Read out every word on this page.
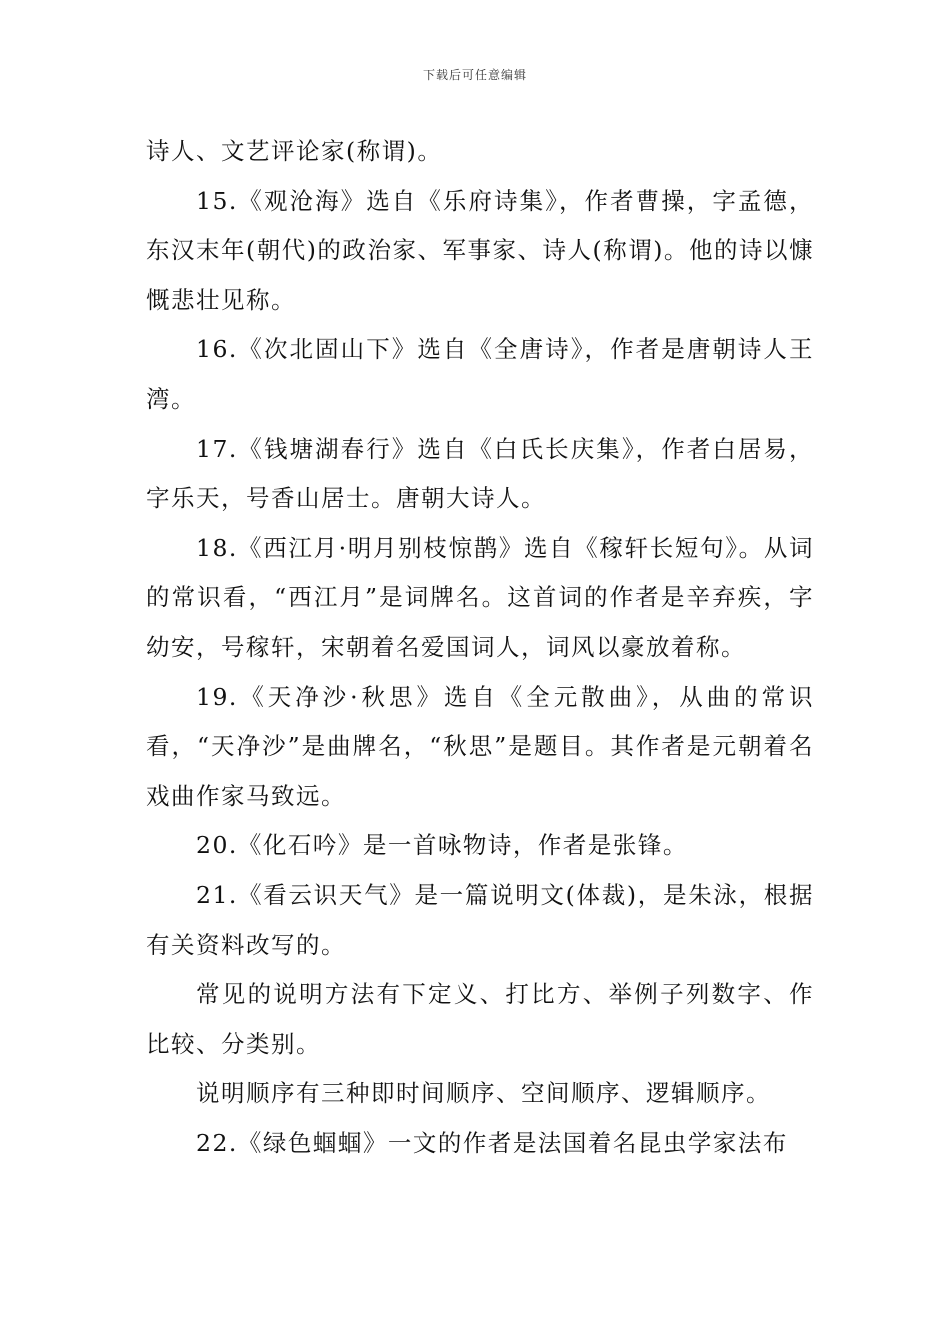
下载后可任意编辑

诗人、文艺评论家(称谓)。

15.《观沧海》选自《乐府诗集》，作者曹操，字孟德，东汉末年(朝代)的政治家、军事家、诗人(称谓)。他的诗以慷慨悲壮见称。

16.《次北固山下》选自《全唐诗》，作者是唐朝诗人王湾。

17.《钱塘湖春行》选自《白氏长庆集》，作者白居易，字乐天，号香山居士。唐朝大诗人。

18.《西江月·明月别枝惊鹊》选自《稼轩长短句》。从词的常识看，“西江月”是词牌名。这首词的作者是辛弃疾，字幼安，号稼轩，宋朝着名爱国词人，词风以豪放着称。

19.《天净沙·秋思》选自《全元散曲》，从曲的常识看，“天净沙”是曲牌名，“秋思”是题目。其作者是元朝着名戏曲作家马致远。

20.《化石吟》是一首咏物诗，作者是张锋。

21.《看云识天气》是一篇说明文(体裁)，是朱泳，根据有关资料改写的。

常见的说明方法有下定义、打比方、举例子列数字、作比较、分类别。

说明顺序有三种即时间顺序、空间顺序、逻辑顺序。

22.《绿色蝈蝈》一文的作者是法国着名昆虫学家法布
